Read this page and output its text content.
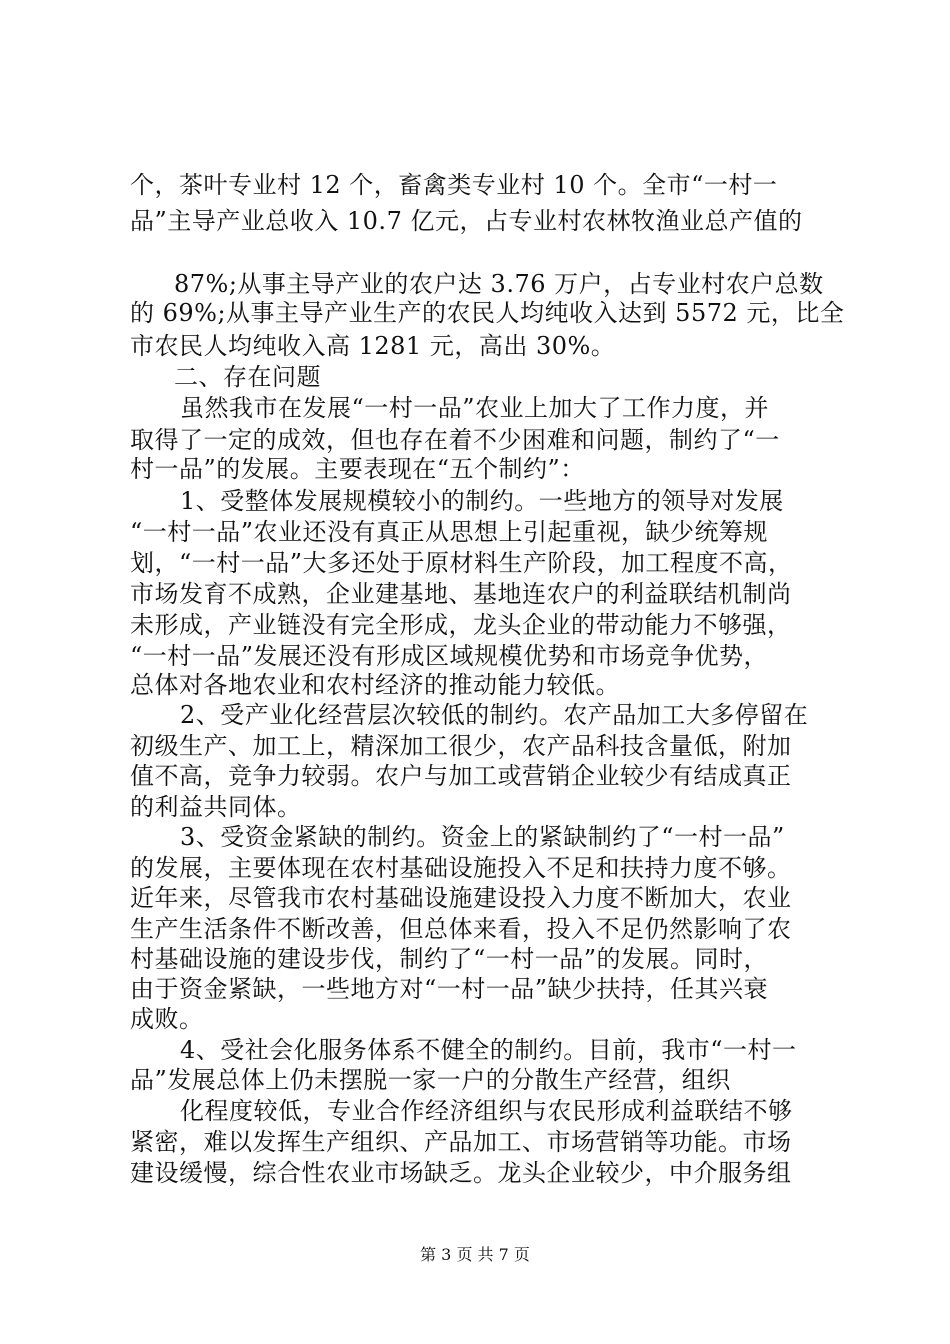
个，茶叶专业村 12 个，畜禽类专业村 10 个。全市“一村一
品”主导产业总收入 10.7 亿元，占专业村农林牧渔业总产值的
87%;从事主导产业的农户达 3.76 万户，占专业村农户总数
的 69%;从事主导产业生产的农民人均纯收入达到 5572 元，比全
市农民人均纯收入高 1281 元，高出 30%。
二、存在问题
虽然我市在发展“一村一品”农业上加大了工作力度，并
取得了一定的成效，但也存在着不少困难和问题，制约了“一
村一品”的发展。主要表现在“五个制约”：
1、受整体发展规模较小的制约。一些地方的领导对发展
“一村一品”农业还没有真正从思想上引起重视，缺少统筹规
划，“一村一品”大多还处于原材料生产阶段，加工程度不高，
市场发育不成熟，企业建基地、基地连农户的利益联结机制尚
未形成，产业链没有完全形成，龙头企业的带动能力不够强，
“一村一品”发展还没有形成区域规模优势和市场竞争优势，
总体对各地农业和农村经济的推动能力较低。
2、受产业化经营层次较低的制约。农产品加工大多停留在
初级生产、加工上，精深加工很少，农产品科技含量低，附加
值不高，竞争力较弱。农户与加工或营销企业较少有结成真正
的利益共同体。
3、受资金紧缺的制约。资金上的紧缺制约了“一村一品”
的发展，主要体现在农村基础设施投入不足和扶持力度不够。
近年来，尽管我市农村基础设施建设投入力度不断加大，农业
生产生活条件不断改善，但总体来看，投入不足仍然影响了农
村基础设施的建设步伐，制约了“一村一品”的发展。同时，
由于资金紧缺，一些地方对“一村一品”缺少扶持，任其兴衰
成败。
4、受社会化服务体系不健全的制约。目前，我市“一村一
品”发展总体上仍未摆脱一家一户的分散生产经营，组织
化程度较低，专业合作经济组织与农民形成利益联结不够
紧密，难以发挥生产组织、产品加工、市场营销等功能。市场
建设缓慢，综合性农业市场缺乏。龙头企业较少，中介服务组
第 3 页 共 7 页
